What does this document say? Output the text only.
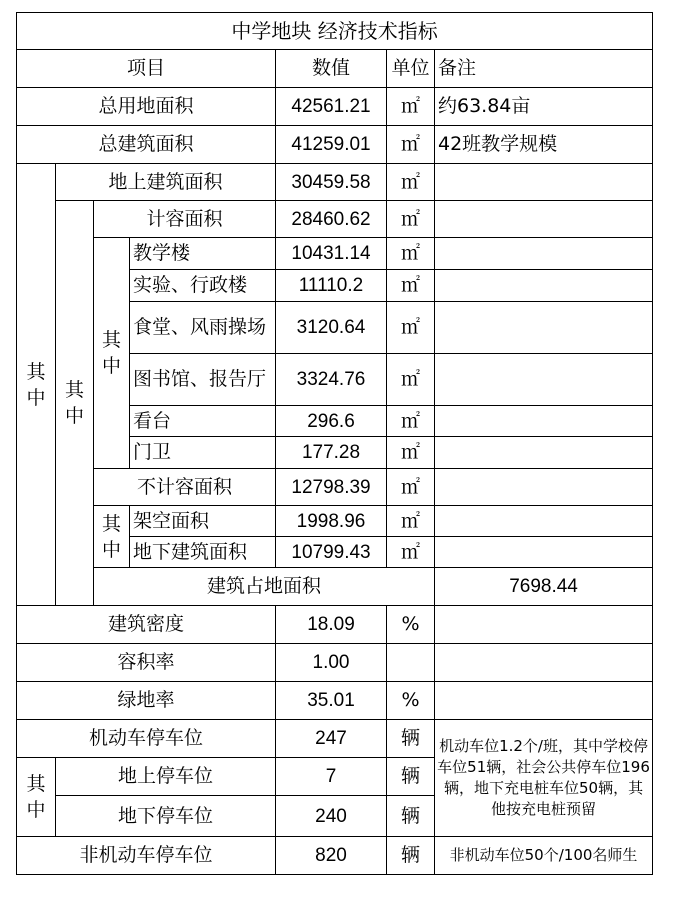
中学地块 经济技术指标							
项目				数值	单位	备注	
总用地面积				42561.21	㎡	约63.84亩	
总建筑面积				41259.01	㎡	42班教学规模	
其中	地上建筑面积			30459.58	㎡		
	其中	计容面积		28460.62	㎡		
		其中	教学楼	10431.14	㎡		
			实验、行政楼	11110.2	㎡		
			食堂、风雨操场	3120.64	㎡		
			图书馆、报告厅	3324.76	㎡		
			看台	296.6	㎡		
			门卫	177.28	㎡		
		不计容面积		12798.39	㎡		
		其中	架空面积	1998.96	㎡		
			地下建筑面积	10799.43	㎡		
		建筑占地面积				7698.44		
建筑密度				18.09	%		
容积率				1.00			
绿地率				35.01	%		
机动车停车位				247	辆	机动车位1.2个/班，其中学校停车位51辆，社会公共停车位196辆，地下充电桩车位50辆，其他按充电桩预留	
其中	地上停车位			7	辆		
	地下停车位			240	辆		
非机动车停车位				820	辆	非机动车位50个/100名师生	
